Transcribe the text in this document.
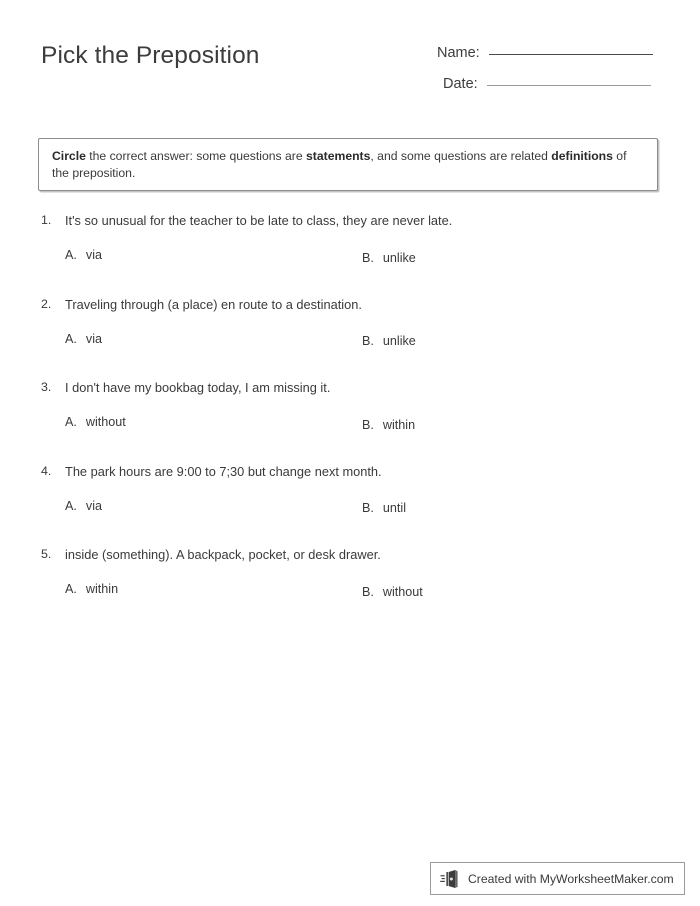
Pick the Preposition	Name:
Date:
Circle the correct answer: some questions are statements, and some questions are related definitions of the preposition.
1.	It's so unusual for the teacher to be late to class, they are never late.
A. via	B. unlike
2.	Traveling through (a place) en route to a destination.
A. via	B. unlike
3.	I don't have my bookbag today, I am missing it.
A. without	B. within
4.	The park hours are 9:00 to 7;30 but change next month.
A. via	B. until
5.	inside (something). A backpack, pocket, or desk drawer.
A. within	B. without
Created with MyWorksheetMaker.com
